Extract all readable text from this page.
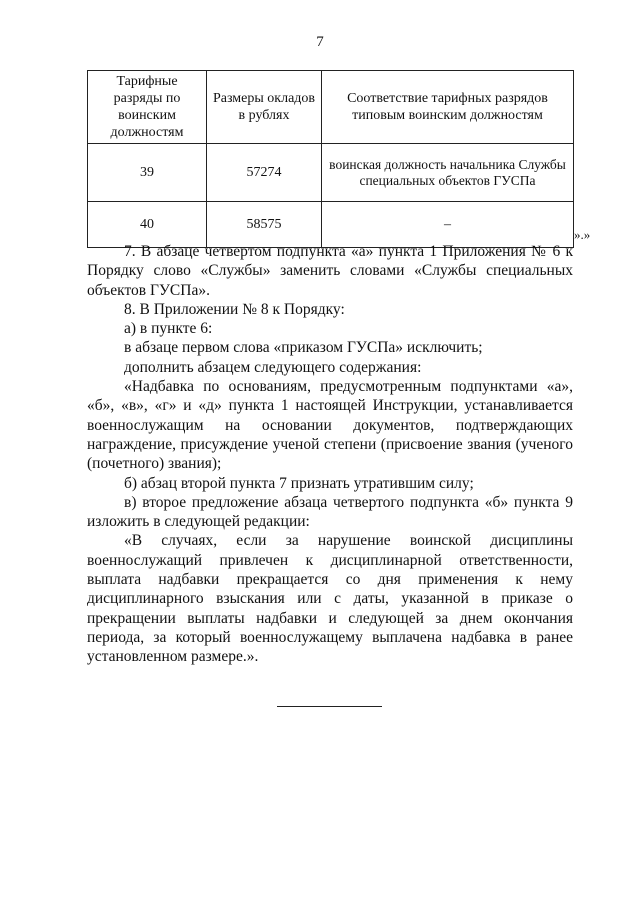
7
Тарифные разряды по воинским должностям	Размеры окладов в рублях	Соответствие тарифных разрядов типовым воинским должностям
39	57274	воинская должность начальника Службы специальных объектов ГУСПа

40	58575	–
».»

7. В абзаце четвертом подпункта «а» пункта 1 Приложения № 6 к Порядку слово «Службы» заменить словами «Службы специальных объектов ГУСПа».

8. В Приложении № 8 к Порядку:

а) в пункте 6:

в абзаце первом слова «приказом ГУСПа» исключить;

дополнить абзацем следующего содержания:

«Надбавка по основаниям, предусмотренным подпунктами «а», «б», «в», «г» и «д» пункта 1 настоящей Инструкции, устанавливается военнослужащим на основании документов, подтверждающих награждение, присуждение ученой степени (присвоение звания (ученого (почетного) звания);

б) абзац второй пункта 7 признать утратившим силу;

в) второе предложение абзаца четвертого подпункта «б» пункта 9 изложить в следующей редакции:

«В случаях, если за нарушение воинской дисциплины военнослужащий привлечен к дисциплинарной ответственности, выплата надбавки прекращается со дня применения к нему дисциплинарного взыскания или с даты, указанной в приказе о прекращении выплаты надбавки и следующей за днем окончания периода, за который военнослужащему выплачена надбавка в ранее установленном размере.».
